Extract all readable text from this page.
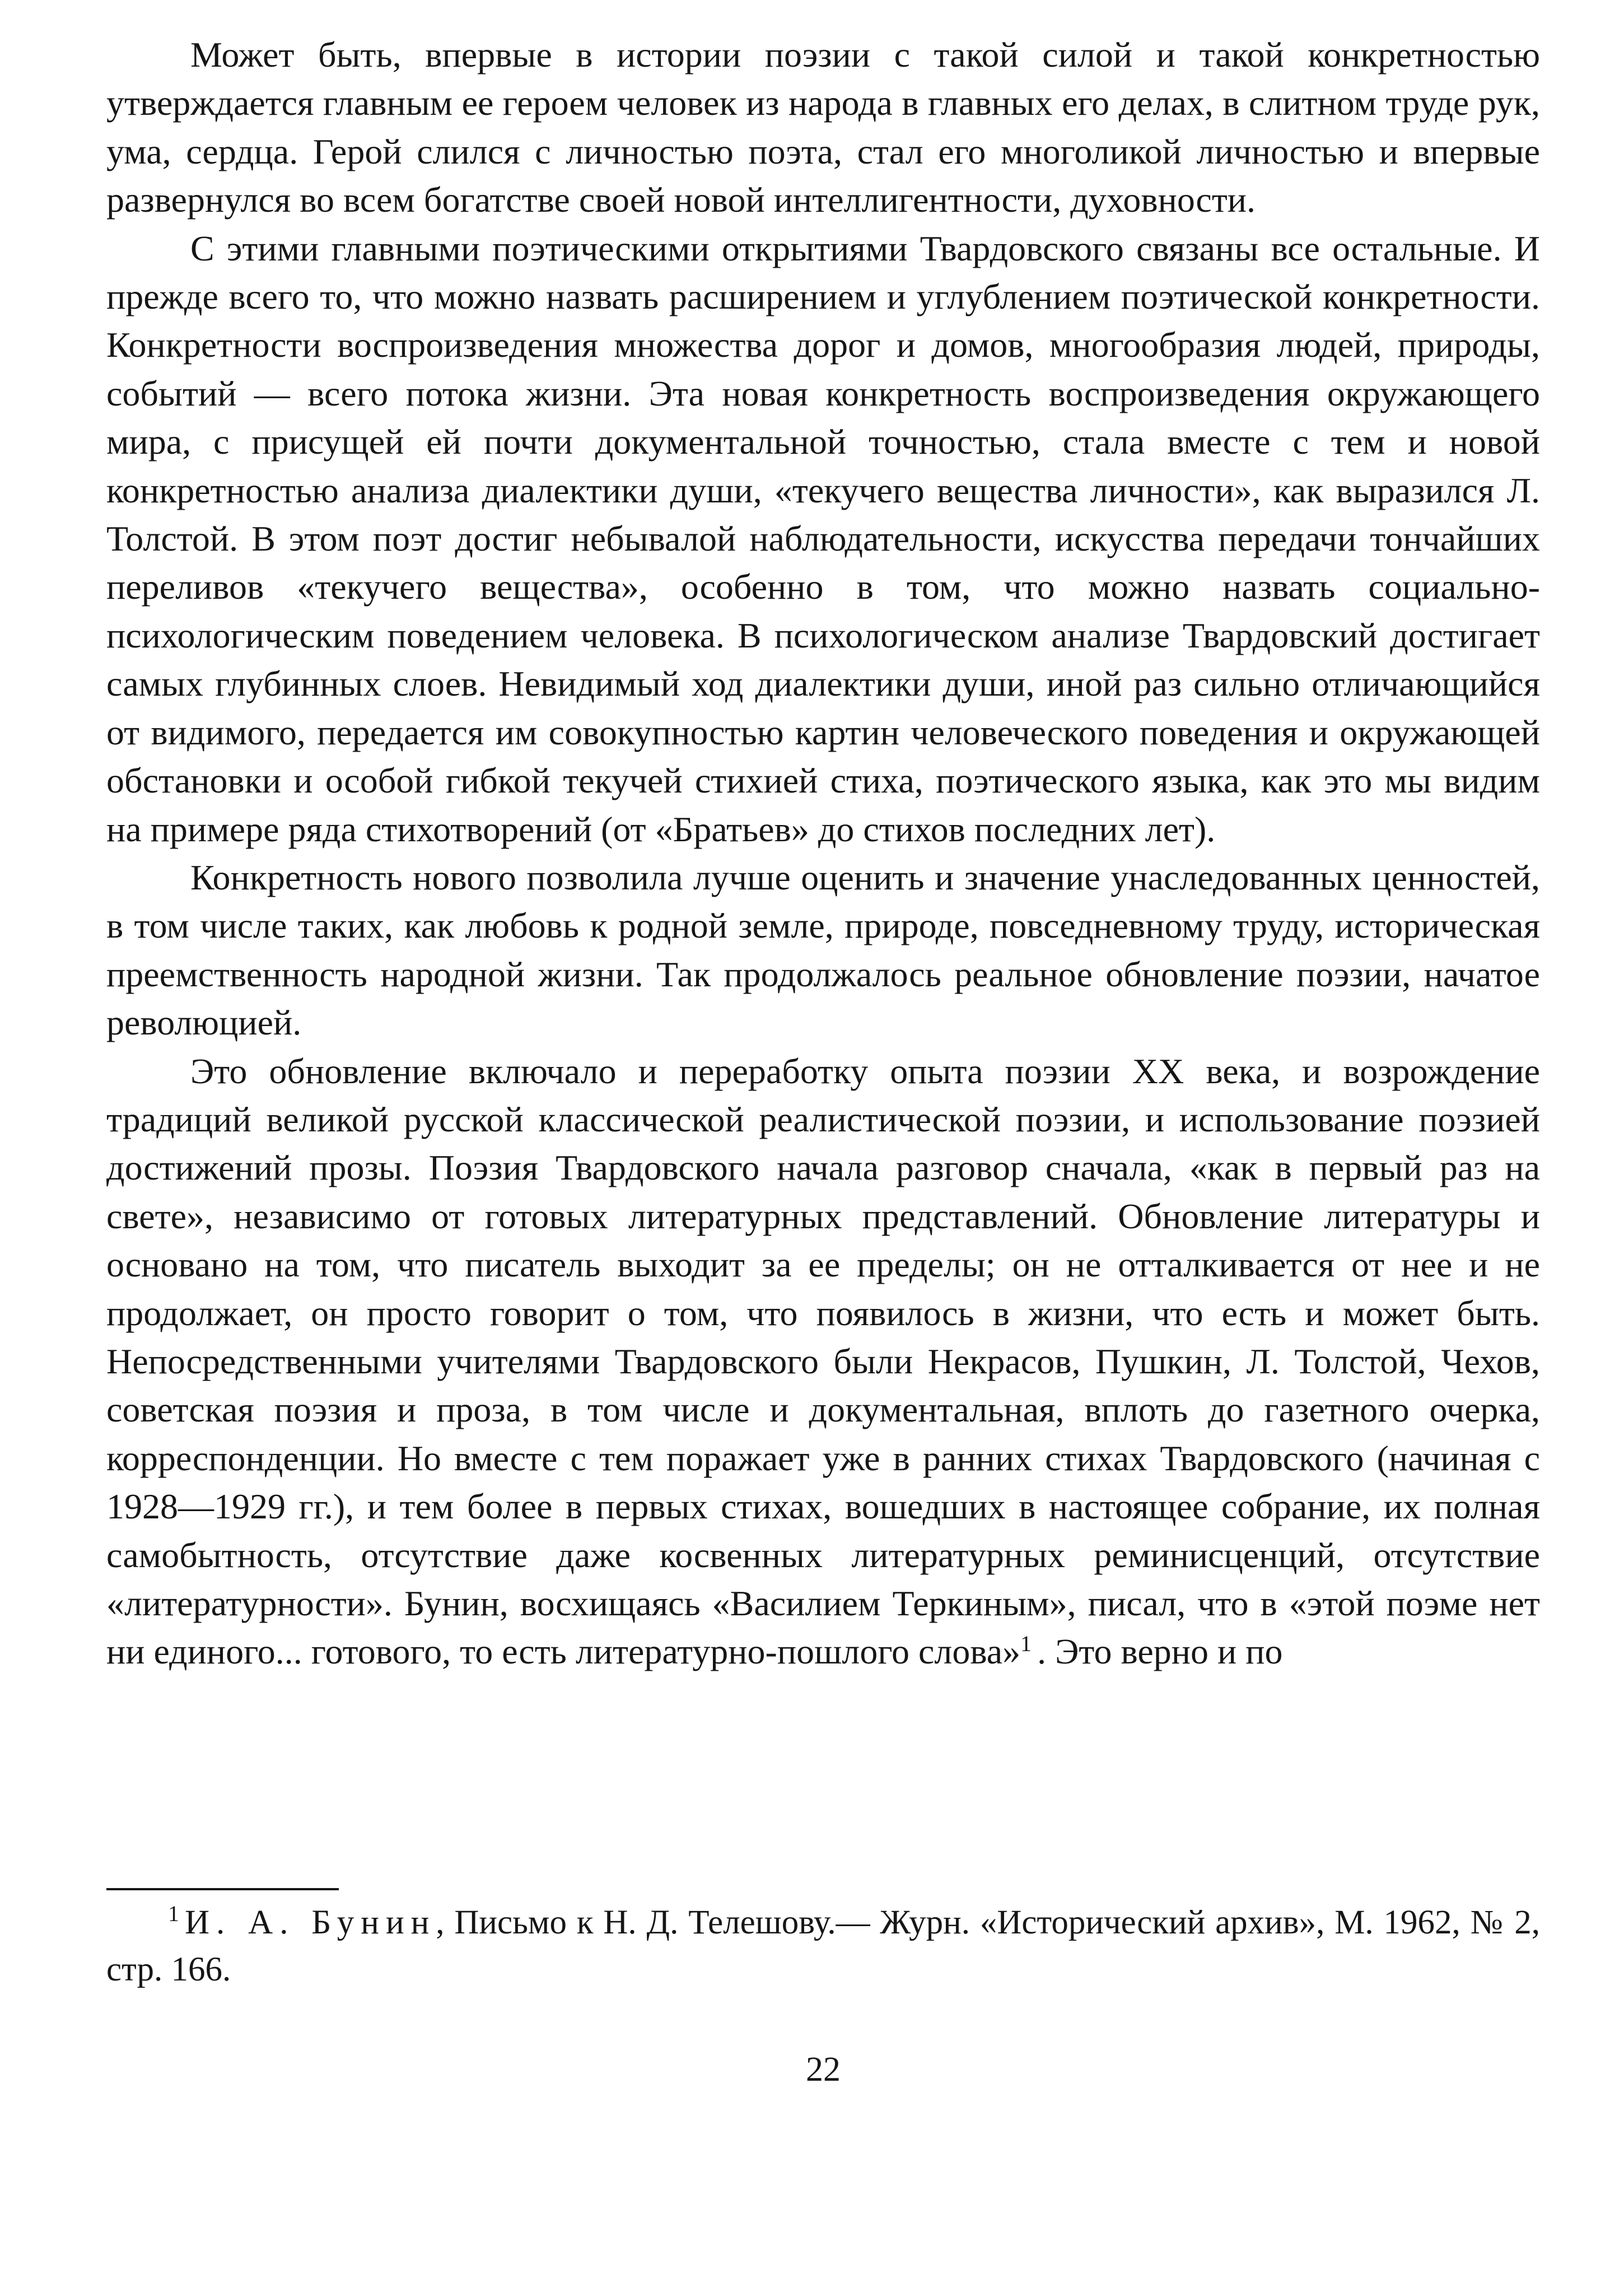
Может быть, впервые в истории поэзии с такой силой и такой конкретностью утверждается главным ее героем человек из народа в главных его делах, в слитном труде рук, ума, сердца. Герой слился с личностью поэта, стал его многоликой личностью и впервые развернулся во всем богатстве своей новой интеллигентности, духовности.

С этими главными поэтическими открытиями Твардовского связаны все остальные. И прежде всего то, что можно назвать расширением и углублением поэтической конкретности. Конкретности воспроизведения множества дорог и домов, многообразия людей, природы, событий — всего потока жизни. Эта новая конкретность воспроизведения окружающего мира, с присущей ей почти документальной точностью, стала вместе с тем и новой конкретностью анализа диалектики души, «текучего вещества личности», как выразился Л. Толстой. В этом поэт достиг небывалой наблюдательности, искусства передачи тончайших переливов «текучего вещества», особенно в том, что можно назвать социально-психологическим поведением человека. В психологическом анализе Твардовский достигает самых глубинных слоев. Невидимый ход диалектики души, иной раз сильно отличающийся от видимого, передается им совокупностью картин человеческого поведения и окружающей обстановки и особой гибкой текучей стихией стиха, поэтического языка, как это мы видим на примере ряда стихотворений (от «Братьев» до стихов последних лет).

Конкретность нового позволила лучше оценить и значение унаследованных ценностей, в том числе таких, как любовь к родной земле, природе, повседневному труду, историческая преемственность народной жизни. Так продолжалось реальное обновление поэзии, начатое революцией.

Это обновление включало и переработку опыта поэзии XX века, и возрождение традиций великой русской классической реалистической поэзии, и использование поэзией достижений прозы. Поэзия Твардовского начала разговор сначала, «как в первый раз на свете», независимо от готовых литературных представлений. Обновление литературы и основано на том, что писатель выходит за ее пределы; он не отталкивается от нее и не продолжает, он просто говорит о том, что появилось в жизни, что есть и может быть. Непосредственными учителями Твардовского были Некрасов, Пушкин, Л. Толстой, Чехов, советская поэзия и проза, в том числе и документальная, вплоть до газетного очерка, корреспонденции. Но вместе с тем поражает уже в ранних стихах Твардовского (начиная с 1928—1929 гг.), и тем более в первых стихах, вошедших в настоящее собрание, их полная самобытность, отсутствие даже косвенных литературных реминисценций, отсутствие «литературности». Бунин, восхищаясь «Василием Теркиным», писал, что в «этой поэме нет ни единого... готового, то есть литературно-пошлого слова»$^1$ . Это верно и по

$^1$ И. А. Бунин, Письмо к Н. Д. Телешову.— Журн. «Исторический архив», М. 1962, № 2, стр. 166.

22
